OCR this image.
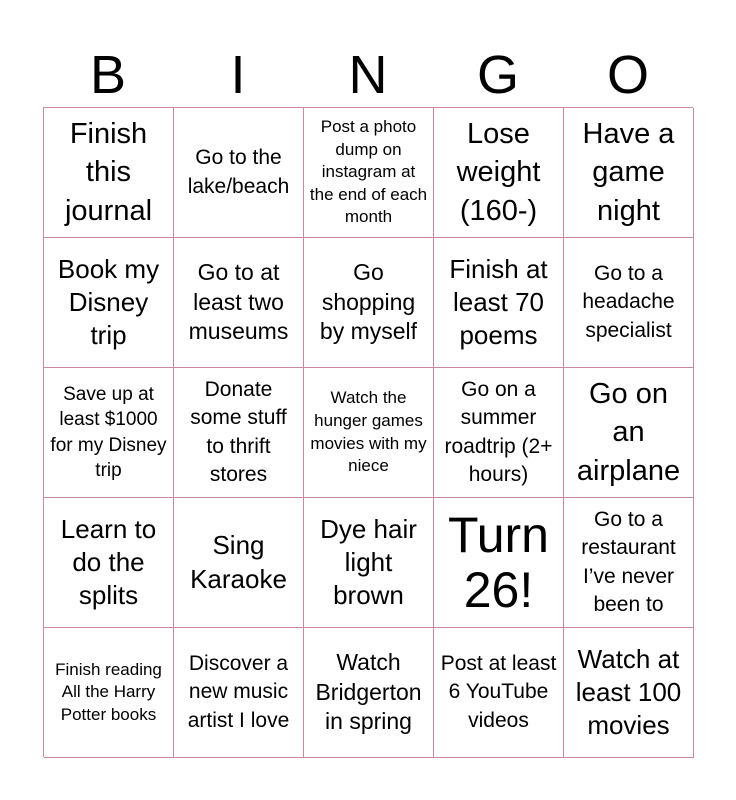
B	I	N	G	O
Finish this journal
Go to the lake/beach
Post a photo dump on instagram at the end of each month
Lose weight (160-)
Have a game night
Book my Disney trip
Go to at least two museums
Go shopping by myself
Finish at least 70 poems
Go to a headache specialist
Save up at least $1000 for my Disney trip
Donate some stuff to thrift stores
Watch the hunger games movies with my niece
Go on a summer roadtrip (2+ hours)
Go on an airplane
Learn to do the splits
Sing Karaoke
Dye hair light brown
Turn 26!
Go to a restaurant I’ve never been to
Finish reading All the Harry Potter books
Discover a new music artist I love
Watch Bridgerton in spring
Post at least 6 YouTube videos
Watch at least 100 movies
